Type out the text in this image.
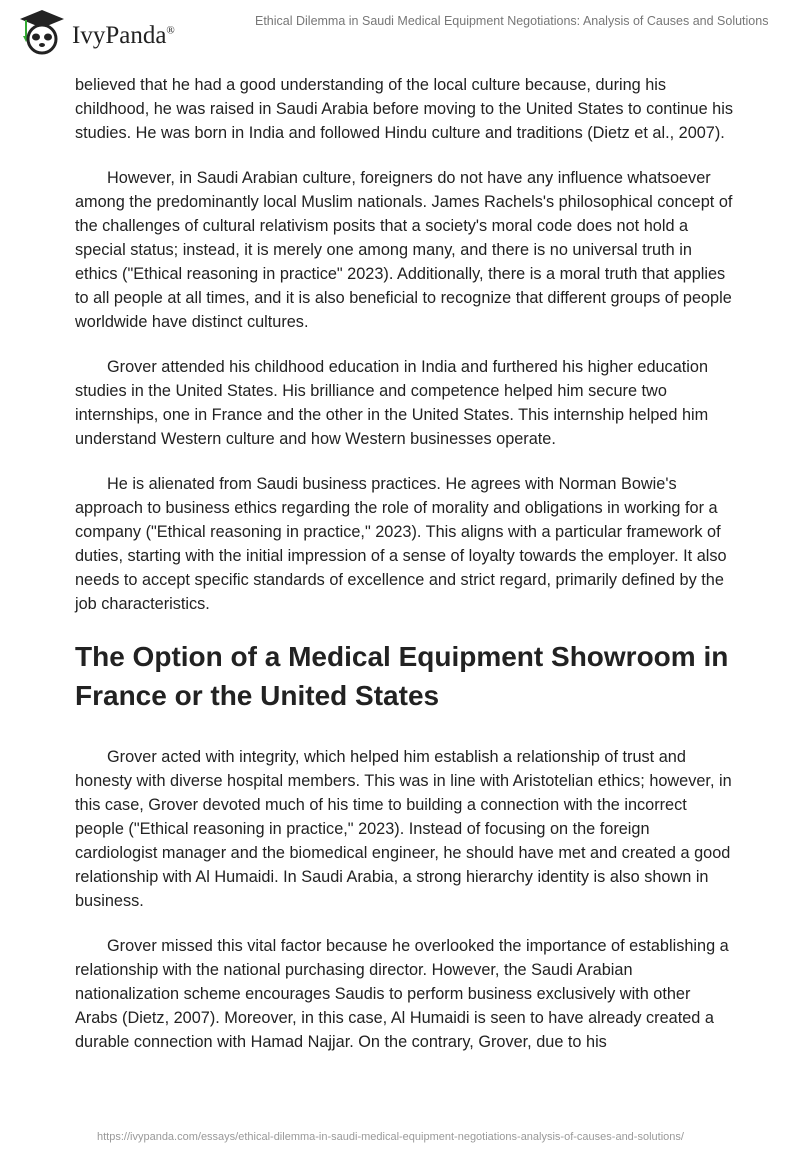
IvyPanda®
Ethical Dilemma in Saudi Medical Equipment Negotiations: Analysis of Causes and Solutions

believed that he had a good understanding of the local culture because, during his childhood, he was raised in Saudi Arabia before moving to the United States to continue his studies. He was born in India and followed Hindu culture and traditions (Dietz et al., 2007).

However, in Saudi Arabian culture, foreigners do not have any influence whatsoever among the predominantly local Muslim nationals. James Rachels's philosophical concept of the challenges of cultural relativism posits that a society's moral code does not hold a special status; instead, it is merely one among many, and there is no universal truth in ethics ("Ethical reasoning in practice" 2023). Additionally, there is a moral truth that applies to all people at all times, and it is also beneficial to recognize that different groups of people worldwide have distinct cultures.

Grover attended his childhood education in India and furthered his higher education studies in the United States. His brilliance and competence helped him secure two internships, one in France and the other in the United States. This internship helped him understand Western culture and how Western businesses operate.

He is alienated from Saudi business practices. He agrees with Norman Bowie's approach to business ethics regarding the role of morality and obligations in working for a company ("Ethical reasoning in practice," 2023). This aligns with a particular framework of duties, starting with the initial impression of a sense of loyalty towards the employer. It also needs to accept specific standards of excellence and strict regard, primarily defined by the job characteristics.

The Option of a Medical Equipment Showroom in France or the United States

Grover acted with integrity, which helped him establish a relationship of trust and honesty with diverse hospital members. This was in line with Aristotelian ethics; however, in this case, Grover devoted much of his time to building a connection with the incorrect people ("Ethical reasoning in practice," 2023). Instead of focusing on the foreign cardiologist manager and the biomedical engineer, he should have met and created a good relationship with Al Humaidi. In Saudi Arabia, a strong hierarchy identity is also shown in business.

Grover missed this vital factor because he overlooked the importance of establishing a relationship with the national purchasing director. However, the Saudi Arabian nationalization scheme encourages Saudis to perform business exclusively with other Arabs (Dietz, 2007). Moreover, in this case, Al Humaidi is seen to have already created a durable connection with Hamad Najjar. On the contrary, Grover, due to his

https://ivypanda.com/essays/ethical-dilemma-in-saudi-medical-equipment-negotiations-analysis-of-causes-and-solutions/
